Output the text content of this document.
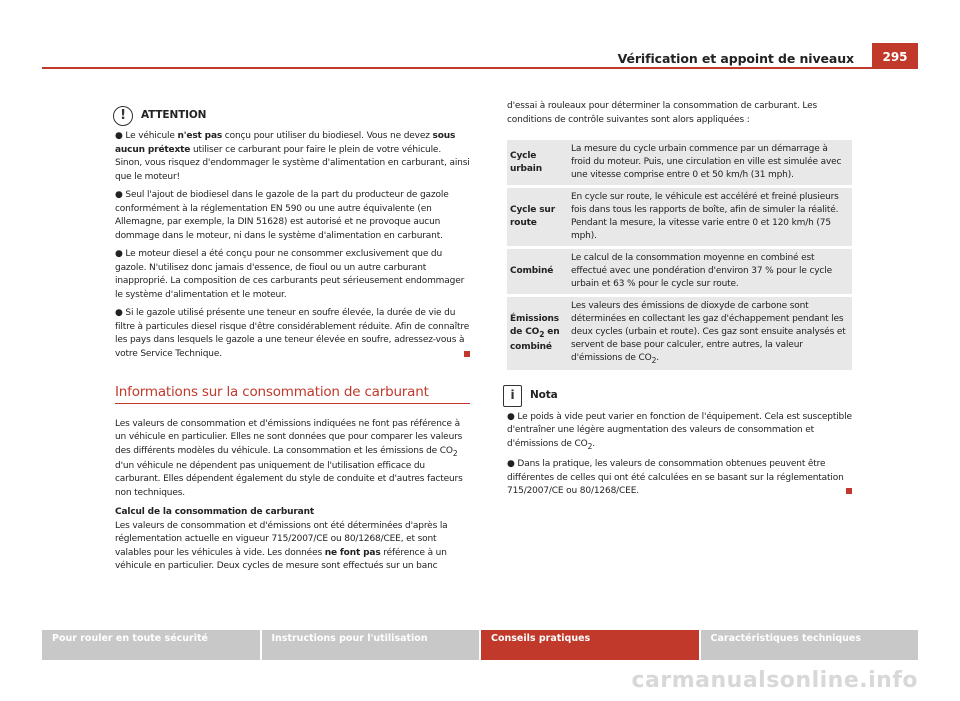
Vérification et appoint de niveaux	295
!	ATTENTION
● Le véhicule n'est pas conçu pour utiliser du biodiesel. Vous ne devez sous aucun prétexte utiliser ce carburant pour faire le plein de votre véhicule. Sinon, vous risquez d'endommager le système d'alimentation en carburant, ainsi que le moteur!
● Seul l'ajout de biodiesel dans le gazole de la part du producteur de gazole conformément à la réglementation EN 590 ou une autre équivalente (en Allemagne, par exemple, la DIN 51628) est autorisé et ne provoque aucun dommage dans le moteur, ni dans le système d'alimentation en carburant.
● Le moteur diesel a été conçu pour ne consommer exclusivement que du gazole. N'utilisez donc jamais d'essence, de fioul ou un autre carburant inapproprié. La composition de ces carburants peut sérieusement endommager le système d'alimentation et le moteur.
● Si le gazole utilisé présente une teneur en soufre élevée, la durée de vie du filtre à particules diesel risque d'être considérablement réduite. Afin de connaître les pays dans lesquels le gazole a une teneur élevée en soufre, adressez-vous à votre Service Technique.
Informations sur la consommation de carburant

Les valeurs de consommation et d'émissions indiquées ne font pas référence à un véhicule en particulier. Elles ne sont données que pour comparer les valeurs des différents modèles du véhicule. La consommation et les émissions de $CO_2$ d'un véhicule ne dépendent pas uniquement de l'utilisation efficace du carburant. Elles dépendent également du style de conduite et d'autres facteurs non techniques.

Calcul de la consommation de carburant

Les valeurs de consommation et d'émissions ont été déterminées d'après la réglementation actuelle en vigueur 715/2007/CE ou 80/1268/CEE, et sont valables pour les véhicules à vide. Les données ne font pas référence à un véhicule en particulier. Deux cycles de mesure sont effectués sur un banc

d'essai à rouleaux pour déterminer la consommation de carburant. Les conditions de contrôle suivantes sont alors appliquées :

Cycle urbain	La mesure du cycle urbain commence par un démarrage à froid du moteur. Puis, une circulation en ville est simulée avec une vitesse comprise entre 0 et 50 km/h (31 mph).
Cycle sur route	En cycle sur route, le véhicule est accéléré et freiné plusieurs fois dans tous les rapports de boîte, afin de simuler la réalité. Pendant la mesure, la vitesse varie entre 0 et 120 km/h (75 mph).
Combiné	Le calcul de la consommation moyenne en combiné est effectué avec une pondération d'environ 37 % pour le cycle urbain et 63 % pour le cycle sur route.
Émissions de $CO_2$ en combiné	Les valeurs des émissions de dioxyde de carbone sont déterminées en collectant les gaz d'échappement pendant les deux cycles (urbain et route). Ces gaz sont ensuite analysés et servent de base pour calculer, entre autres, la valeur d'émissions de $CO_2$.
i	Nota
● Le poids à vide peut varier en fonction de l'équipement. Cela est susceptible d'entraîner une légère augmentation des valeurs de consommation et d'émissions de $CO_2$.
● Dans la pratique, les valeurs de consommation obtenues peuvent être différentes de celles qui ont été calculées en se basant sur la réglementation 715/2007/CE ou 80/1268/CEE.
Pour rouler en toute sécurité	Instructions pour l'utilisation	Conseils pratiques	Caractéristiques techniques
carmanualsonline.info
